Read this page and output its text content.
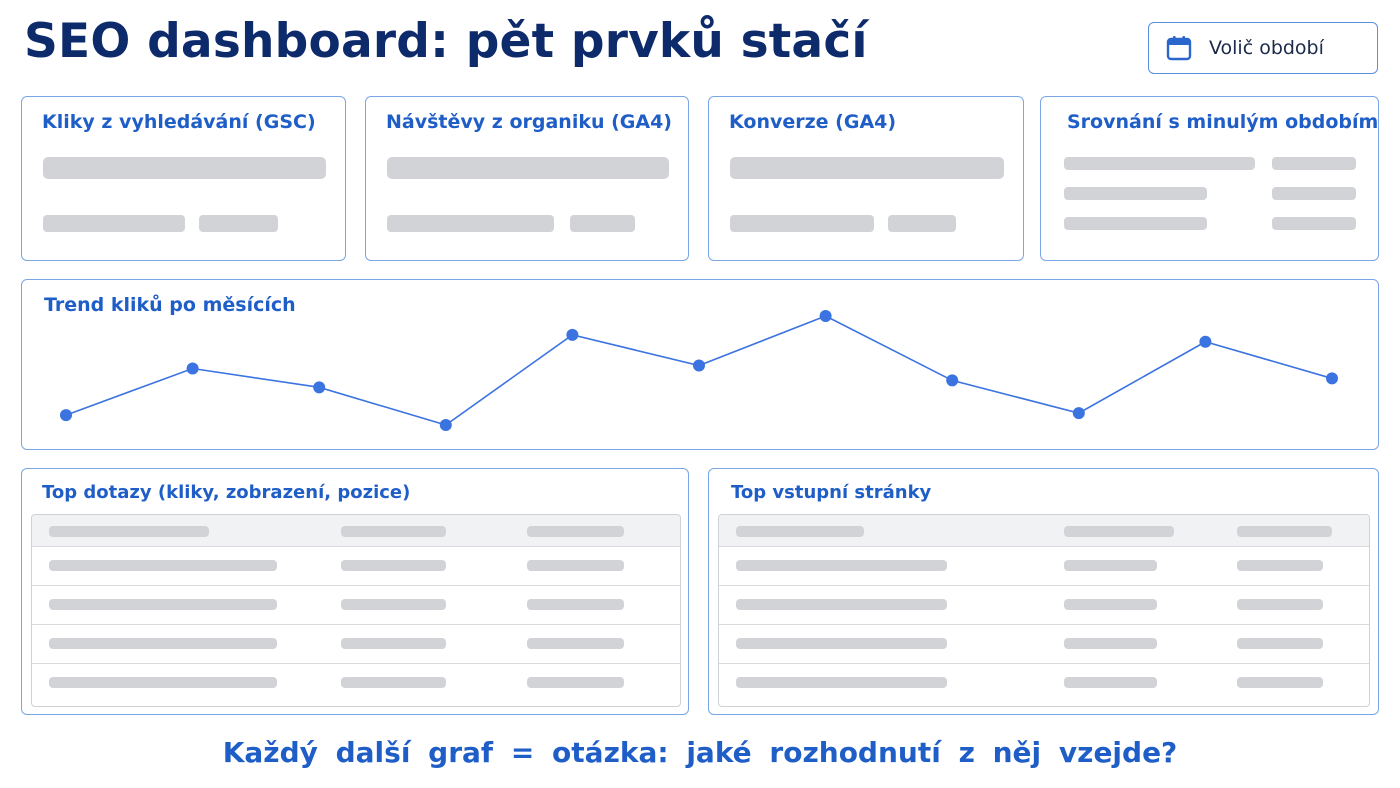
SEO dashboard: pět prvků stačí	Volič období
Kliky z vyhledávání (GSC)	Návštěvy z organiku (GA4)	Konverze (GA4)	Srovnání s minulým obdobím
Trend kliků po měsících
Top dotazy (kliky, zobrazení, pozice)	Top vstupní stránky
Každý další graf = otázka: jaké rozhodnutí z něj vzejde?
